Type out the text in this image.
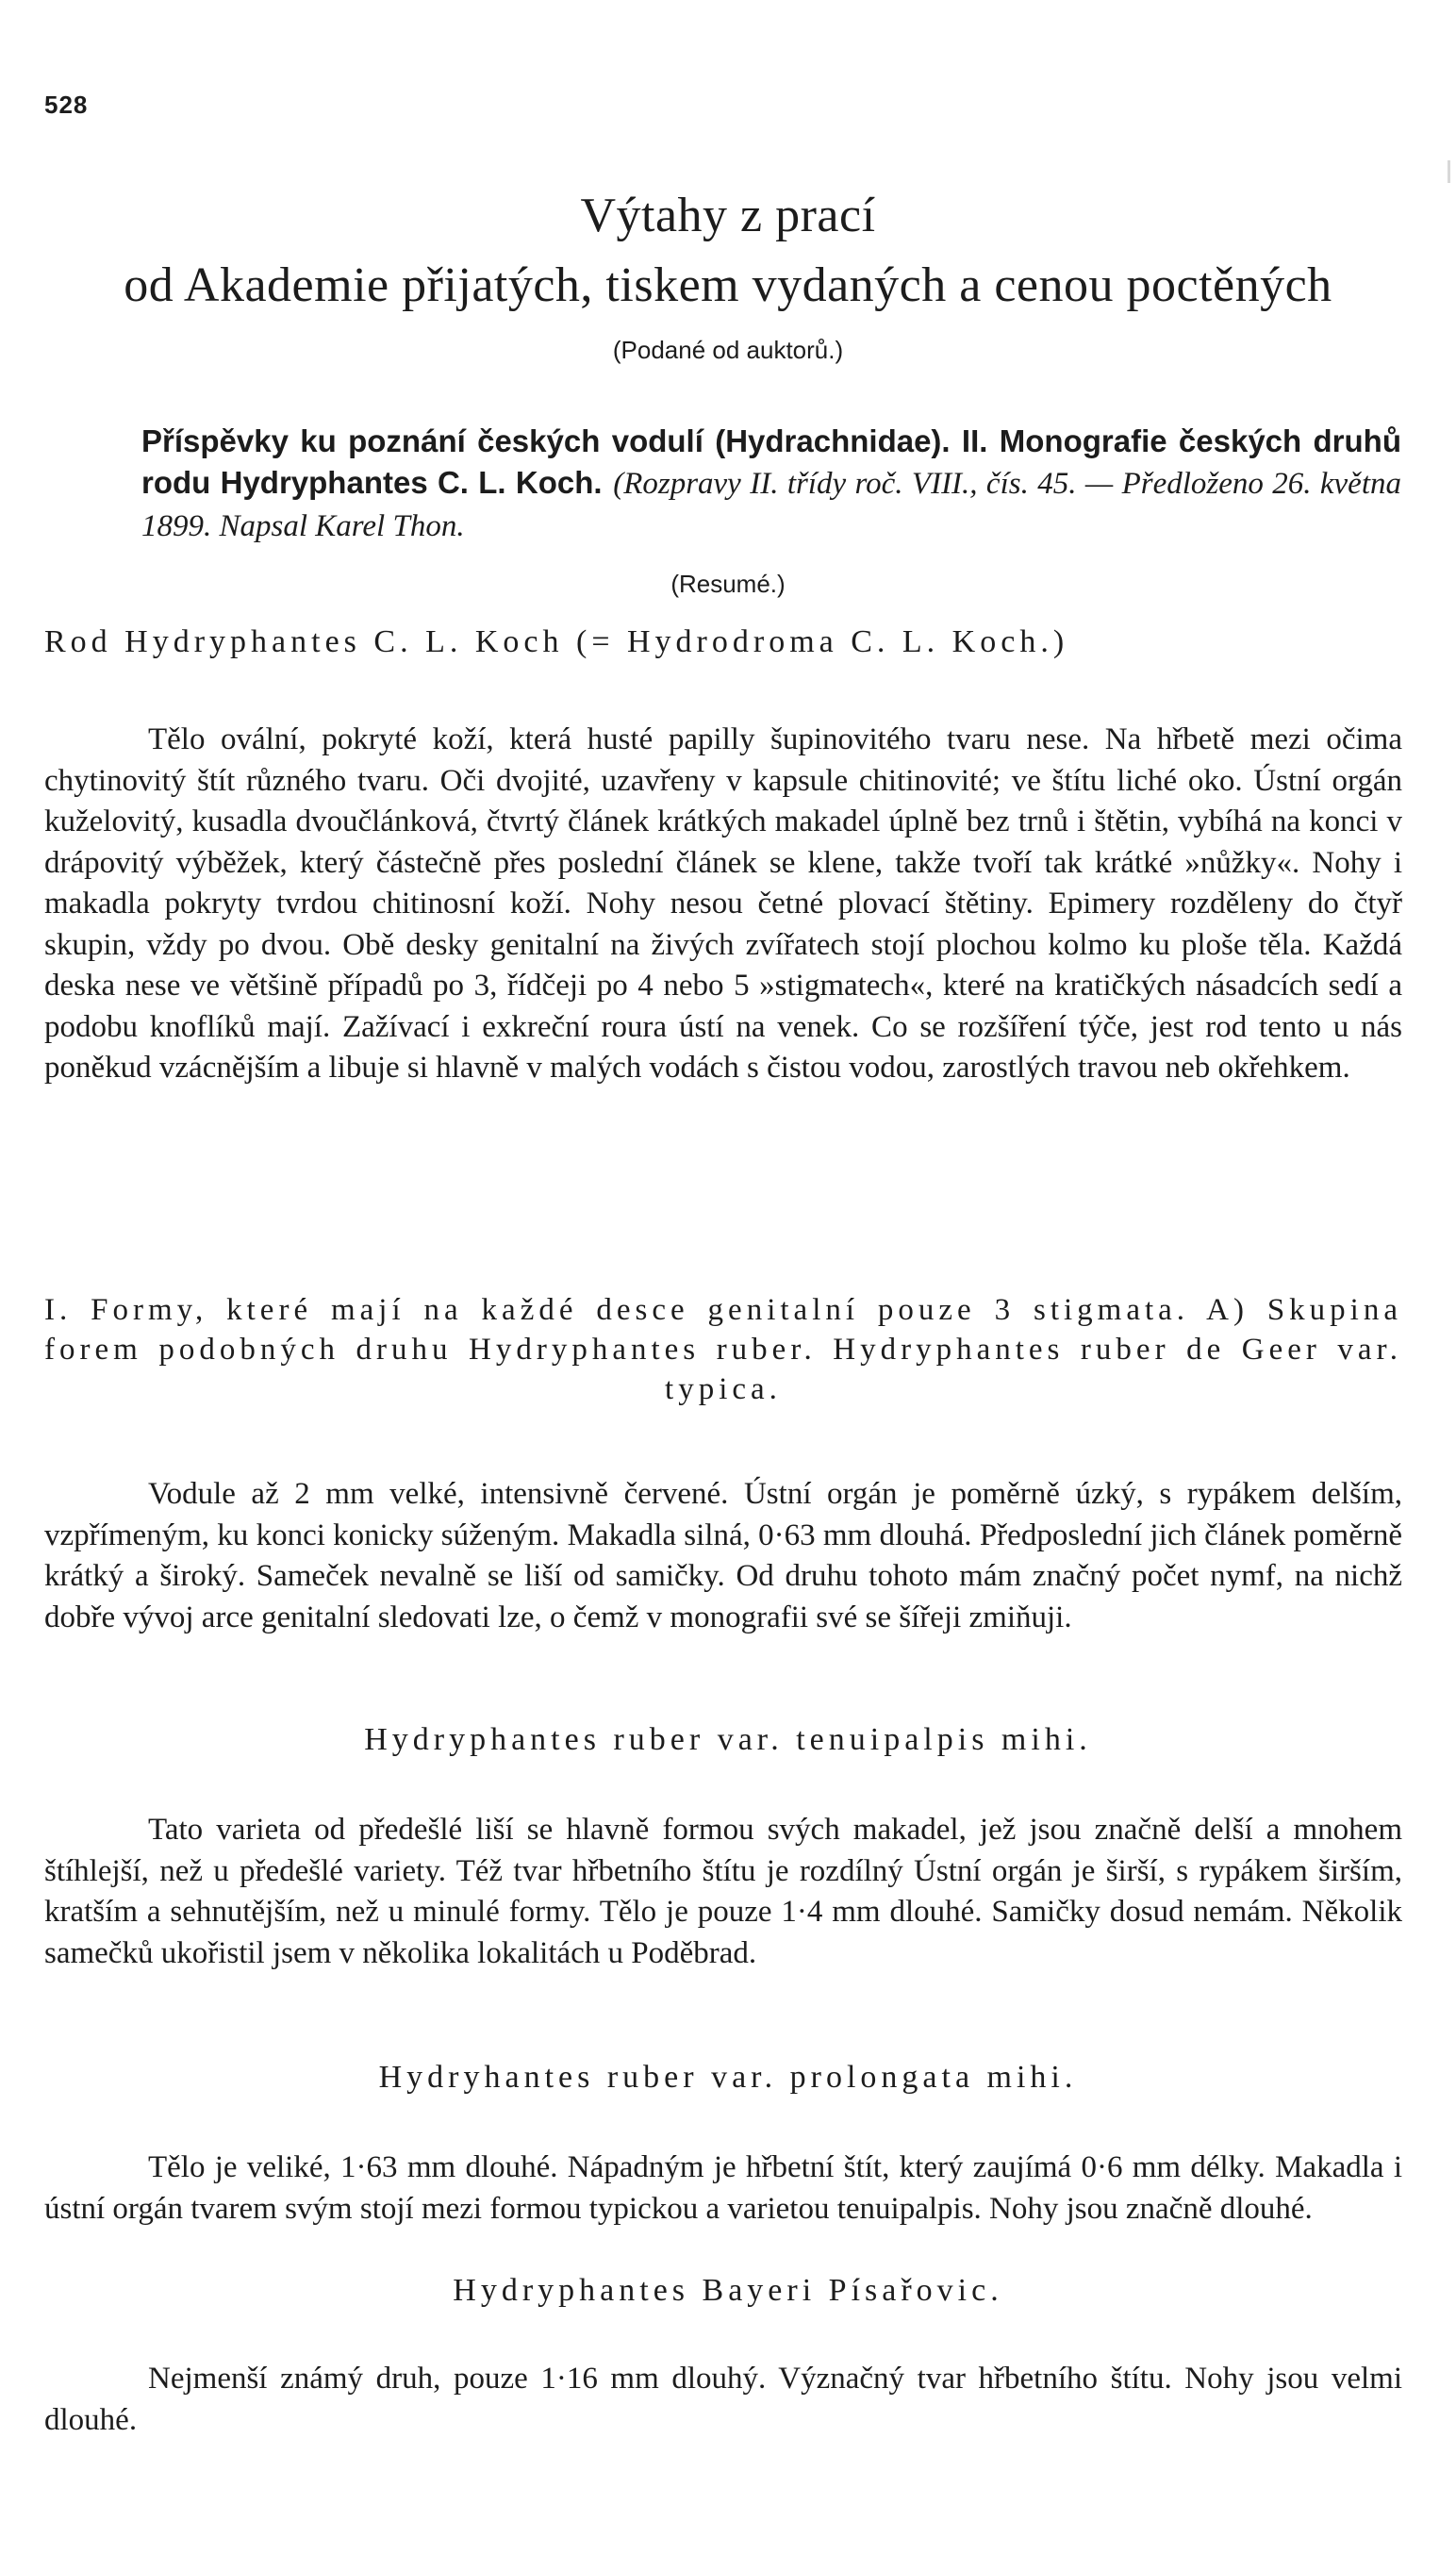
528
Výtahy z prací
od Akademie přijatých, tiskem vydaných a cenou poctěných
(Podané od auktorů.)
Příspěvky ku poznání českých vodulí (Hydrachnidae). II. Monografie českých druhů rodu Hydryphantes C. L. Koch. (Rozpravy II. třídy roč. VIII., čís. 45. — Předloženo 26. května 1899. Napsal Karel Thon.
(Resumé.)
Rod Hydryphantes C. L. Koch (= Hydrodroma C. L. Koch.)

Tělo ovální, pokryté koží, která husté papilly šupinovitého tvaru nese. Na hřbetě mezi očima chytinovitý štít různého tvaru. Oči dvojité, uzavřeny v kapsule chitinovité; ve štítu liché oko. Ústní orgán kuželovitý, kusadla dvoučlánková, čtvrtý článek krátkých makadel úplně bez trnů i štětin, vybíhá na konci v drápovitý výběžek, který částečně přes poslední článek se klene, takže tvoří tak krátké »nůžky«. Nohy i makadla pokryty tvrdou chitinosní koží. Nohy nesou četné plovací štětiny. Epimery rozděleny do čtyř skupin, vždy po dvou. Obě desky genitalní na živých zvířatech stojí plochou kolmo ku ploše těla. Každá deska nese ve většině případů po 3, řídčeji po 4 nebo 5 »stigmatech«, které na kratičkých násadcích sedí a podobu knoflíků mají. Zažívací i exkreční roura ústí na venek. Co se rozšíření týče, jest rod tento u nás poněkud vzácnějším a libuje si hlavně v malých vodách s čistou vodou, zarostlých travou neb okřehkem.

I. Formy, které mají na každé desce genitalní pouze 3 stigmata. A) Skupina forem podobných druhu Hydryphantes ruber. Hydryphantes ruber de Geer var. typica.

Vodule až 2 mm velké, intensivně červené. Ústní orgán je poměrně úzký, s rypákem delším, vzpřímeným, ku konci konicky súženým. Makadla silná, 0·63 mm dlouhá. Předposlední jich článek poměrně krátký a široký. Sameček nevalně se liší od samičky. Od druhu tohoto mám značný počet nymf, na nichž dobře vývoj arce genitalní sledovati lze, o čemž v monografii své se šířeji zmiňuji.

Hydryphantes ruber var. tenuipalpis mihi.

Tato varieta od předešlé liší se hlavně formou svých makadel, jež jsou značně delší a mnohem štíhlejší, než u předešlé variety. Též tvar hřbetního štítu je rozdílný Ústní orgán je širší, s rypákem širším, kratším a sehnutějším, než u minulé formy. Tělo je pouze 1·4 mm dlouhé. Samičky dosud nemám. Několik samečků ukořistil jsem v několika lokalitách u Poděbrad.

Hydryhantes ruber var. prolongata mihi.

Tělo je veliké, 1·63 mm dlouhé. Nápadným je hřbetní štít, který zaujímá 0·6 mm délky. Makadla i ústní orgán tvarem svým stojí mezi formou typickou a varietou tenuipalpis. Nohy jsou značně dlouhé.

Hydryphantes Bayeri Písařovic.

Nejmenší známý druh, pouze 1·16 mm dlouhý. Význačný tvar hřbetního štítu. Nohy jsou velmi dlouhé.
